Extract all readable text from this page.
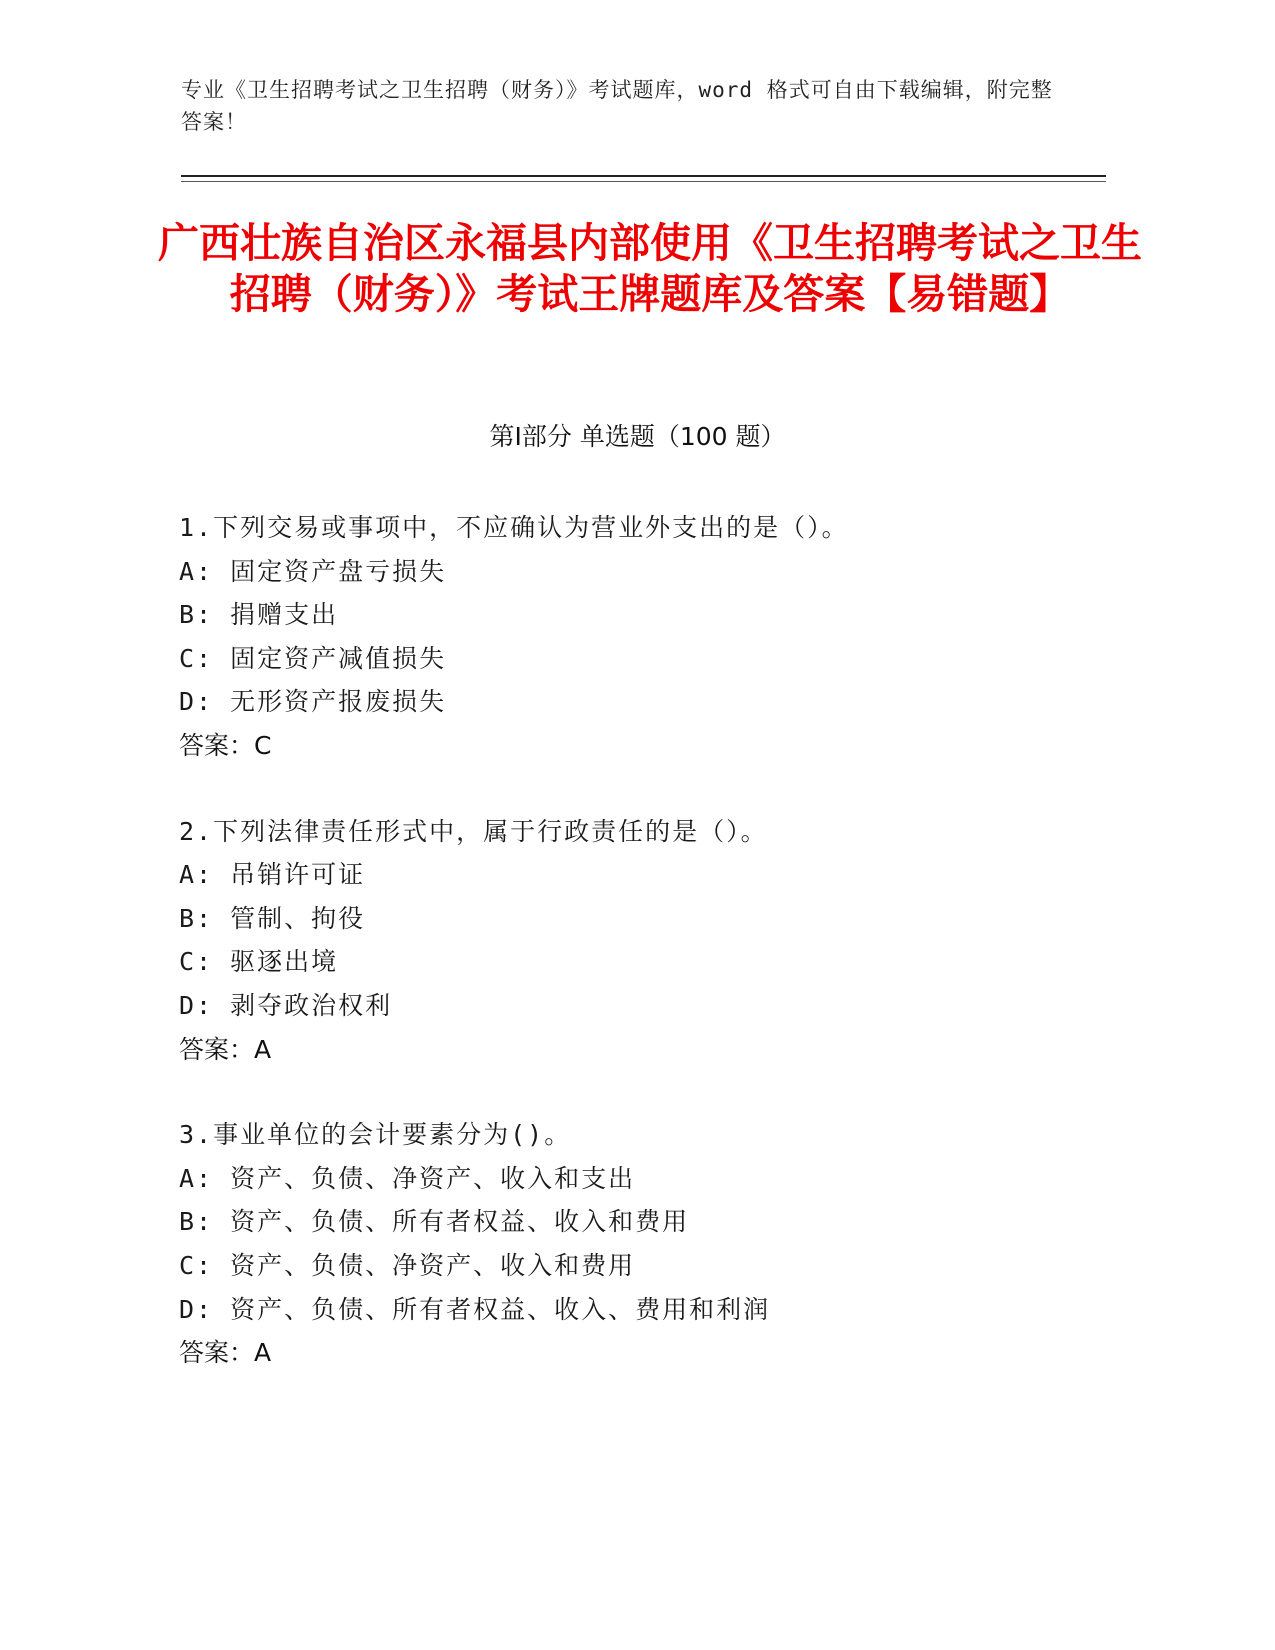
专业《卫生招聘考试之卫生招聘（财务）》考试题库，word 格式可自由下载编辑，附完整答案！
广西壮族自治区永福县内部使用《卫生招聘考试之卫生招聘（财务）》考试王牌题库及答案【易错题】
第Ⅰ部分 单选题（100 题）
1.下列交易或事项中，不应确认为营业外支出的是（）。
A: 固定资产盘亏损失
B: 捐赠支出
C: 固定资产减值损失
D: 无形资产报废损失
答案：C
2.下列法律责任形式中，属于行政责任的是（）。
A: 吊销许可证
B: 管制、拘役
C: 驱逐出境
D: 剥夺政治权利
答案：A
3.事业单位的会计要素分为()。
A: 资产、负债、净资产、收入和支出
B: 资产、负债、所有者权益、收入和费用
C: 资产、负债、净资产、收入和费用
D: 资产、负债、所有者权益、收入、费用和利润
答案：A
